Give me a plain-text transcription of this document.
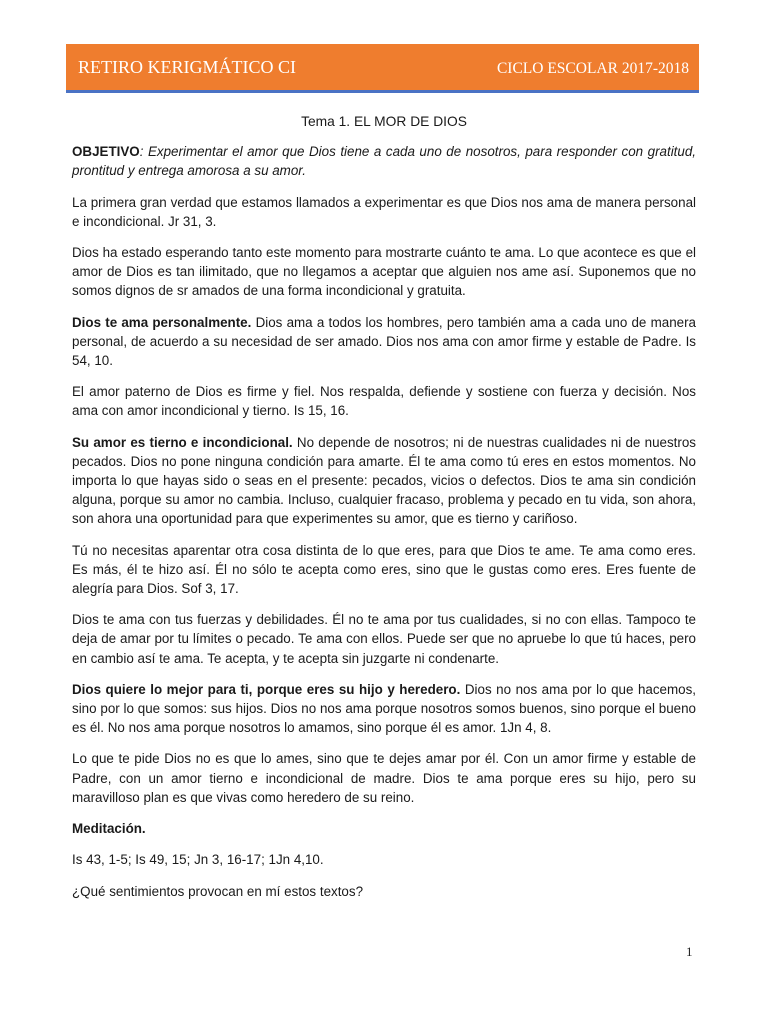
RETIRO KERIGMÁTICO CI	CICLO ESCOLAR 2017-2018

Tema 1. EL MOR DE DIOS

OBJETIVO: Experimentar el amor que Dios tiene a cada uno de nosotros, para responder con gratitud, prontitud y entrega amorosa a su amor.

La primera gran verdad que estamos llamados a experimentar es que Dios nos ama de manera personal e incondicional. Jr 31, 3.

Dios ha estado esperando tanto este momento para mostrarte cuánto te ama. Lo que acontece es que el amor de Dios es tan ilimitado, que no llegamos a aceptar que alguien nos ame así. Suponemos que no somos dignos de sr amados de una forma incondicional y gratuita.

Dios te ama personalmente. Dios ama a todos los hombres, pero también ama a cada uno de manera personal, de acuerdo a su necesidad de ser amado. Dios nos ama con amor firme y estable de Padre. Is 54, 10.

El amor paterno de Dios es firme y fiel. Nos respalda, defiende y sostiene con fuerza y decisión. Nos ama con amor incondicional y tierno. Is 15, 16.

Su amor es tierno e incondicional. No depende de nosotros; ni de nuestras cualidades ni de nuestros pecados. Dios no pone ninguna condición para amarte. Él te ama como tú eres en estos momentos. No importa lo que hayas sido o seas en el presente: pecados, vicios o defectos. Dios te ama sin condición alguna, porque su amor no cambia. Incluso, cualquier fracaso, problema y pecado en tu vida, son ahora, son ahora una oportunidad para que experimentes su amor, que es tierno y cariñoso.

Tú no necesitas aparentar otra cosa distinta de lo que eres, para que Dios te ame. Te ama como eres. Es más, él te hizo así. Él no sólo te acepta como eres, sino que le gustas como eres. Eres fuente de alegría para Dios. Sof 3, 17.

Dios te ama con tus fuerzas y debilidades. Él no te ama por tus cualidades, si no con ellas. Tampoco te deja de amar por tu límites o pecado. Te ama con ellos. Puede ser que no apruebe lo que tú haces, pero en cambio así te ama. Te acepta, y te acepta sin juzgarte ni condenarte.

Dios quiere lo mejor para ti, porque eres su hijo y heredero. Dios no nos ama por lo que hacemos, sino por lo que somos: sus hijos. Dios no nos ama porque nosotros somos buenos, sino porque el bueno es él. No nos ama porque nosotros lo amamos, sino porque él es amor. 1Jn 4, 8.

Lo que te pide Dios no es que lo ames, sino que te dejes amar por él. Con un amor firme y estable de Padre, con un amor tierno e incondicional de madre. Dios te ama porque eres su hijo, pero su maravilloso plan es que vivas como heredero de su reino.

Meditación.

Is 43, 1-5; Is 49, 15; Jn 3, 16-17; 1Jn 4,10.

¿Qué sentimientos provocan en mí estos textos?

1
